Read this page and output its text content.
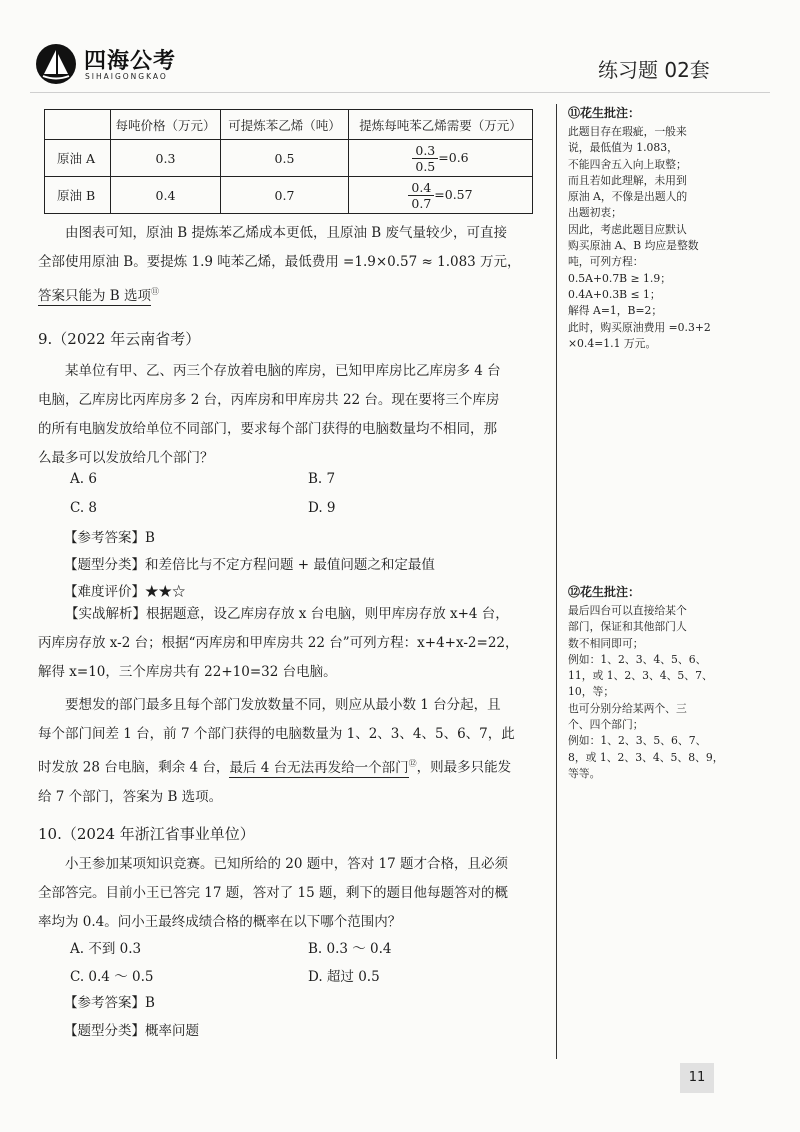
四海公考
SIHAIGONGKAO	练习题 02套
	每吨价格（万元）	可提炼苯乙烯（吨）	提炼每吨苯乙烯需要（万元）
原油 A	0.3	0.5	$\frac{0.3}{0.5} =0.6$
原油 B	0.4	0.7	$\frac{0.4}{0.7} =0.57$

由图表可知，原油 B 提炼苯乙烯成本更低，且原油 B 废气量较少，可直接

全部使用原油 B。要提炼 1.9 吨苯乙烯，最低费用 =1.9×0.57 ≈ 1.083 万元，

答案只能为 B 选项⑪

9.（2022 年云南省考）

某单位有甲、乙、丙三个存放着电脑的库房，已知甲库房比乙库房多 4 台

电脑，乙库房比丙库房多 2 台，丙库房和甲库房共 22 台。现在要将三个库房

的所有电脑发放给单位不同部门，要求每个部门获得的电脑数量均不相同，那

么最多可以发放给几个部门？

A. 6	B. 7
C. 8	D. 9
【参考答案】B
【题型分类】和差倍比与不定方程问题 + 最值问题之和定最值
【难度评价】★★☆

【实战解析】根据题意，设乙库房存放 x 台电脑，则甲库房存放 x+4 台，

丙库房存放 x-2 台；根据“丙库房和甲库房共 22 台”可列方程：x+4+x-2=22，

解得 x=10，三个库房共有 22+10=32 台电脑。

要想发的部门最多且每个部门发放数量不同，则应从最小数 1 台分起，且

每个部门间差 1 台，前 7 个部门获得的电脑数量为 1、2、3、4、5、6、7，此

时发放 28 台电脑，剩余 4 台，最后 4 台无法再发给一个部门⑫，则最多只能发

给 7 个部门，答案为 B 选项。

10.（2024 年浙江省事业单位）

小王参加某项知识竞赛。已知所给的 20 题中，答对 17 题才合格，且必须

全部答完。目前小王已答完 17 题，答对了 15 题，剩下的题目他每题答对的概

率均为 0.4。问小王最终成绩合格的概率在以下哪个范围内？

A. 不到 0.3	B. 0.3 ～ 0.4
C. 0.4 ～ 0.5	D. 超过 0.5
【参考答案】B
【题型分类】概率问题
⑪花生批注：

此题目存在瑕疵，一般来

说，最低值为 1.083，

不能四舍五入向上取整；

而且若如此理解，未用到

原油 A，不像是出题人的

出题初衷；

因此，考虑此题目应默认

购买原油 A、B 均应是整数

吨，可列方程：

0.5A+0.7B ≥ 1.9；

0.4A+0.3B ≤ 1；

解得 A=1，B=2；

此时，购买原油费用 =0.3+2

×0.4=1.1 万元。

⑫花生批注：

最后四台可以直接给某个

部门，保证和其他部门人

数不相同即可；

例如：1、2、3、4、5、6、

11，或 1、2、3、4、5、7、

10，等；

也可分别分给某两个、三

个、四个部门；

例如：1、2、3、5、6、7、

8，或 1、2、3、4、5、8、9，

等等。

11
